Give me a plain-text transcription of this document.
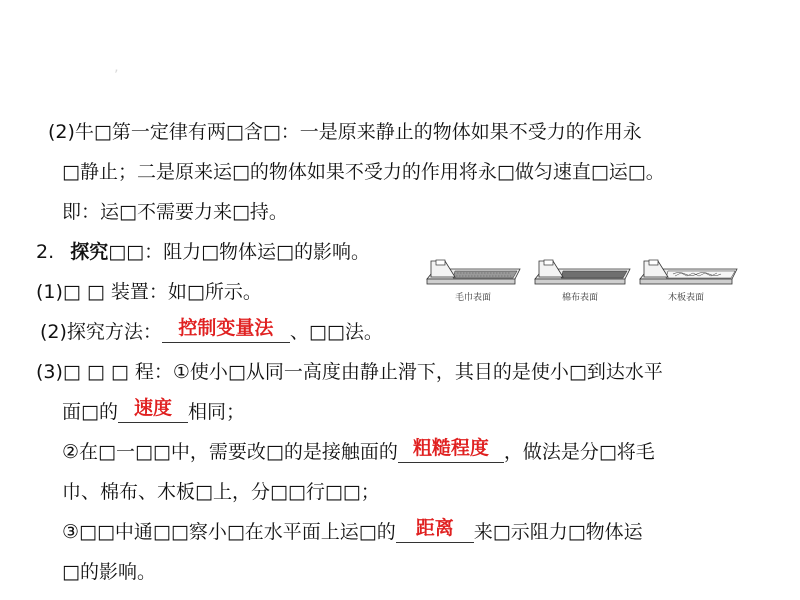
’
(2)牛□第一定律有两□含□：一是原来静止的物体如果不受力的作用永
□静止；二是原来运□的物体如果不受力的作用将永□做匀速直□运□。
即：运□不需要力来□持。
2. 探究□□：阻力□物体运□的影响。
(1)□ □ 装置：如□所示。
(2)探究方法： 控制变量法 、□□法。
(3)□ □ □ 程：①使小□从同一高度由静止滑下，其目的是使小□到达水平
面□的 速度 相同；
②在□一□□中，需要改□的是接触面的 粗糙程度 ，做法是分□将毛
巾、棉布、木板□上，分□□行□□；
③□□中通□□察小□在水平面上运□的 距离 来□示阻力□物体运
□的影响。
毛巾表面	棉布表面	木板表面
